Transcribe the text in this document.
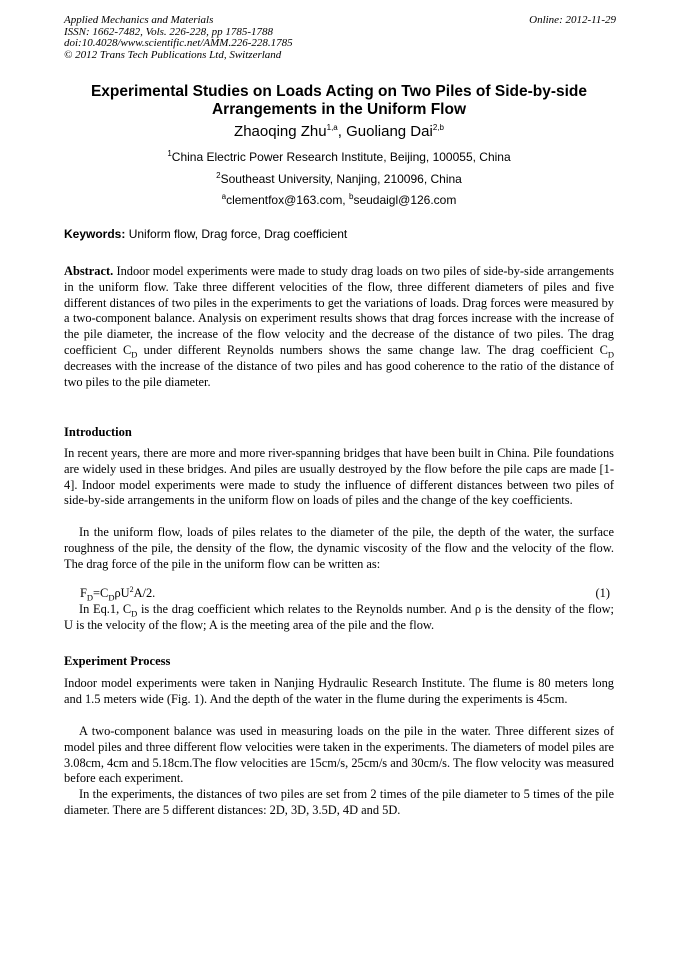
Applied Mechanics and Materials
ISSN: 1662-7482, Vols. 226-228, pp 1785-1788
doi:10.4028/www.scientific.net/AMM.226-228.1785
© 2012 Trans Tech Publications Ltd, Switzerland
Online: 2012-11-29
Experimental Studies on Loads Acting on Two Piles of Side-by-side
Arrangements in the Uniform Flow
Zhaoqing Zhu$^{1,a}$, Guoliang Dai$^{2,b}$
$^1$China Electric Power Research Institute, Beijing, 100055, China
$^2$Southeast University, Nanjing, 210096, China
$^a$clementfox@163.com, $^b$seudaigl@126.com
Keywords: Uniform flow, Drag force, Drag coefficient
Abstract. Indoor model experiments were made to study drag loads on two piles of side-by-side arrangements in the uniform flow. Take three different velocities of the flow, three different diameters of piles and five different distances of two piles in the experiments to get the variations of loads. Drag forces were measured by a two-component balance. Analysis on experiment results shows that drag forces increase with the increase of the pile diameter, the increase of the flow velocity and the decrease of the distance of two piles. The drag coefficient $C_D$ under different Reynolds numbers shows the same change law. The drag coefficient $C_D$ decreases with the increase of the distance of two piles and has good coherence to the ratio of the distance of two piles to the pile diameter.
Introduction
In recent years, there are more and more river-spanning bridges that have been built in China. Pile foundations are widely used in these bridges. And piles are usually destroyed by the flow before the pile caps are made [1-4]. Indoor model experiments were made to study the influence of different distances between two piles of side-by-side arrangements in the uniform flow on loads of piles and the change of the key coefficients.
In the uniform flow, loads of piles relates to the diameter of the pile, the depth of the water, the surface roughness of the pile, the density of the flow, the dynamic viscosity of the flow and the velocity of the flow. The drag force of the pile in the uniform flow can be written as:
$F_D=C_D\rho U^2A/2$.	(1)
In Eq.1, $C_D$ is the drag coefficient which relates to the Reynolds number. And ρ is the density of the flow; U is the velocity of the flow; A is the meeting area of the pile and the flow.
Experiment Process
Indoor model experiments were taken in Nanjing Hydraulic Research Institute. The flume is 80 meters long and 1.5 meters wide (Fig. 1). And the depth of the water in the flume during the experiments is 45cm.
A two-component balance was used in measuring loads on the pile in the water. Three different sizes of model piles and three different flow velocities were taken in the experiments. The diameters of model piles are 3.08cm, 4cm and 5.18cm.The flow velocities are 15cm/s, 25cm/s and 30cm/s. The flow velocity was measured before each experiment.
In the experiments, the distances of two piles are set from 2 times of the pile diameter to 5 times of the pile diameter. There are 5 different distances: 2D, 3D, 3.5D, 4D and 5D.
